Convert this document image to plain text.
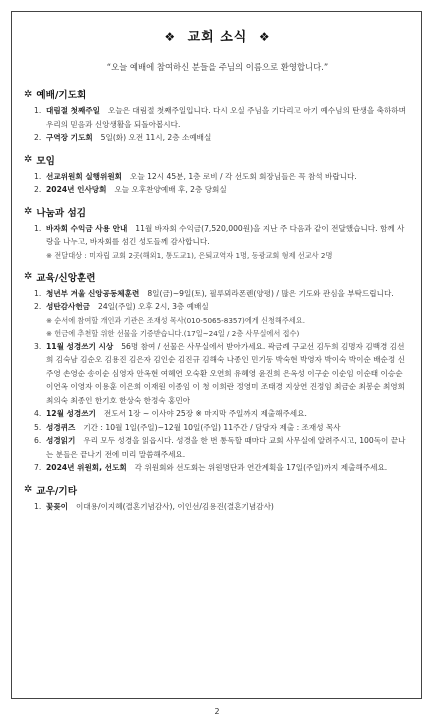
❖ 교회 소식 ❖
“오늘 예배에 참여하신 분들을 주님의 이름으로 환영합니다.”
✲ 예배/기도회
1. 대림절 첫째주일 오늘은 대림절 첫째주일입니다. 다시 오실 주님을 기다리고 아기 예수님의 탄생을 축하하며 우리의 믿음과 신앙생활을 되돌아봅시다.
2. 구역장 기도회 5일(화) 오전 11시, 2층 소예배실
✲ 모임
1. 선교위원회 실행위원회 오늘 12시 45분, 1층 로비 / 각 선도회 회장님들은 꼭 참석 바랍니다.
2. 2024년 인사당회 오늘 오후찬양예배 후, 2층 당회실
✲ 나눔과 섬김
1. 바자회 수익금 사용 안내 11월 바자회 수익금(7,520,000원)을 지난 주 다음과 같이 전달했습니다. 함께 사랑을 나누고, 바자회를 섬긴 성도들께 감사합니다.
※ 전달대상 : 미자립 교회 2곳(해외1, 통도교1), 은퇴교역자 1명, 동광교회 형제 선교사 2명
✲ 교육/신앙훈련
1. 청년부 겨울 신앙공동체훈련 8일(금)~9일(토), 필루뫼라폰렌(양평) / 많은 기도와 관심을 부탁드립니다.
2. 성탄감사헌금 24일(주일) 오후 2시, 3층 예배실
※ 순서에 참여할 개인과 기관은 조재성 목사(010-5065-8357)에게 신청해주세요.
※ 헌금에 추천할 위한 선물을 기증받습니다.(17일~24일 / 2층 사무실에서 접수)
3. 11월 성경쓰기 시상 56명 참여 / 선물은 사무실에서 받아가세요. 곽금례 구교선 김두희 김명자 김백경 김선희 김숙남 김순오 김용진 김은자 김인순 김진규 김해숙 나종인 민기동 박숙현 박영자 박이숙 박이순 배순정 신주영 손영순 송이순 심영자 안옥현 여혜연 오숙환 오연희 유혜영 윤진희 은옥성 이구순 이순임 이순태 이승순 이연옥 이영자 이용훈 이은희 이재원 이종임 이 청 이희란 정영미 조태경 지상연 진정임 최금순 최봉순 최영희 최의숙 최종인 한기호 한상숙 한정숙 홍민아
4. 12월 성경쓰기 전도서 1장 ~ 이사야 25장 ※ 마지막 주일까지 제출해주세요.
5. 성경퀴즈 기간 : 10월 1일(주일)~12월 10일(주일) 11주간 / 담당자 제출 : 조재성 목사
6. 성경읽기 우리 모두 성경을 읽읍시다. 성경을 한 번 통독할 때마다 교회 사무실에 알려주시고, 100독이 끝나는 분들은 끝나기 전에 미리 말씀해주세요.
7. 2024년 위원회, 선도회 각 위원회와 선도회는 위원명단과 연간계획을 17일(주일)까지 제출해주세요.
✲ 교우/기타
1. 꽃꽂이 이대용/이지혜(결혼기념감사), 이인선/김용진(결혼기념감사)
2
